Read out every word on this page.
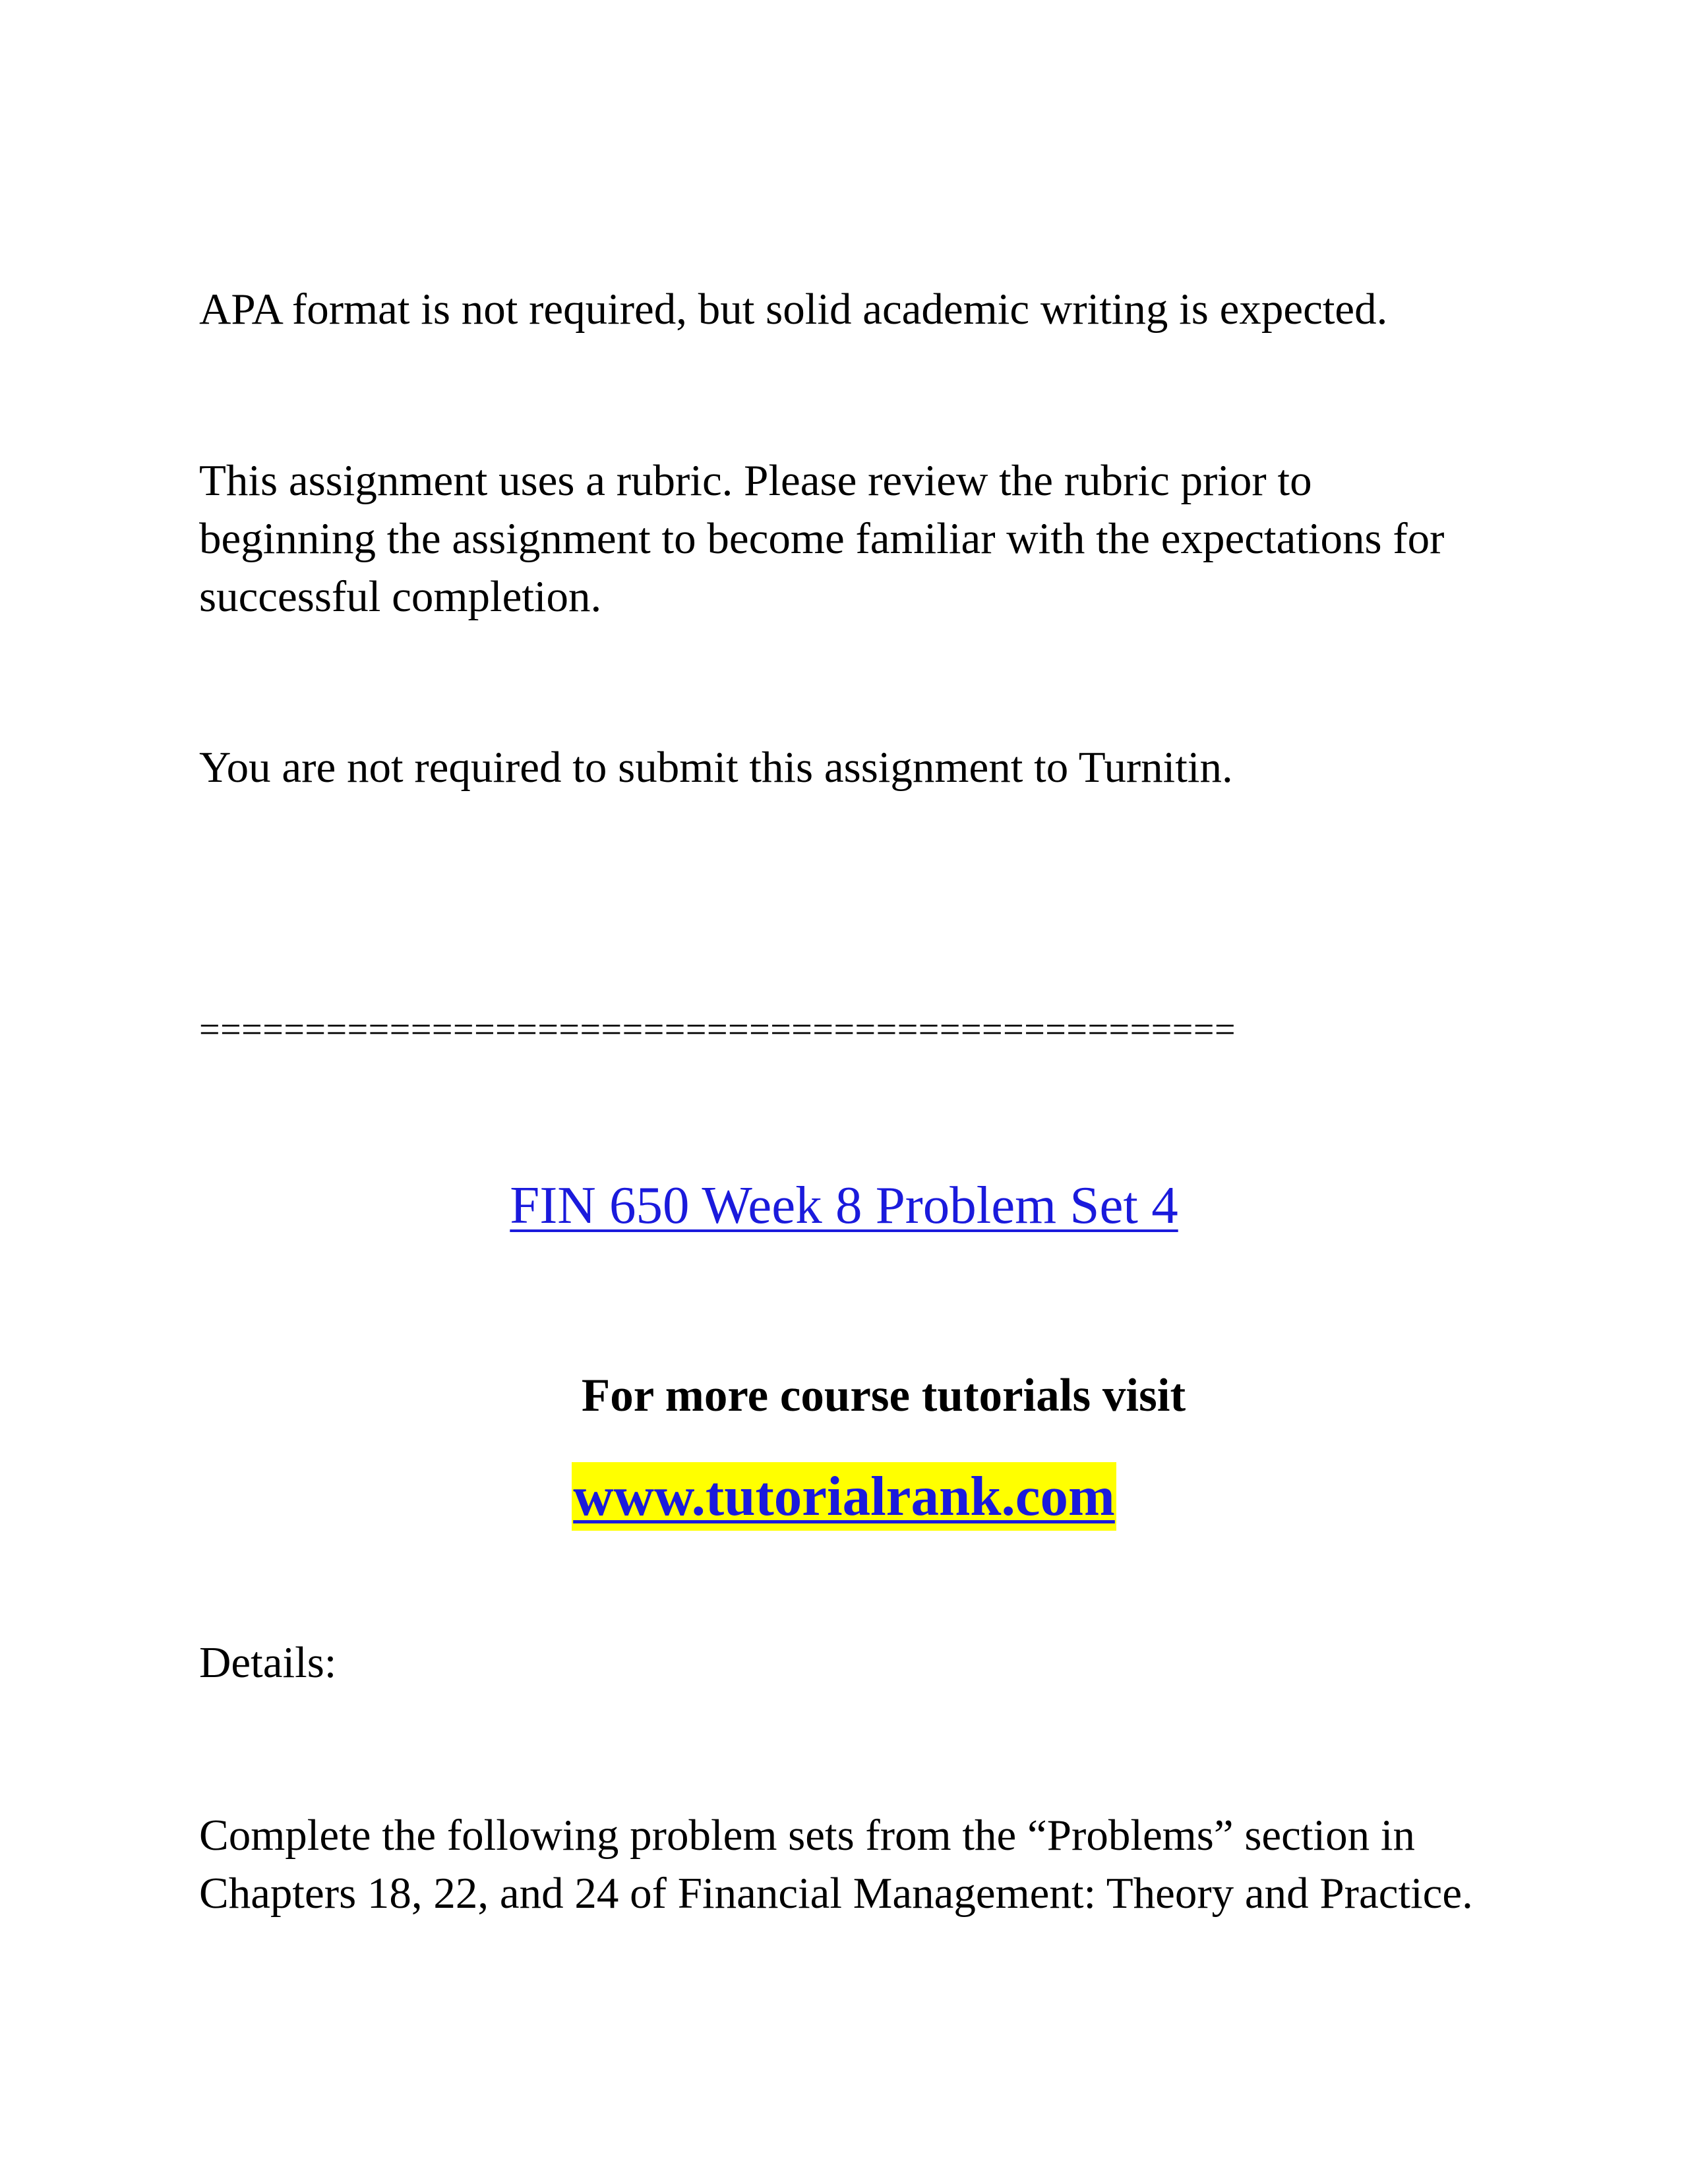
APA format is not required, but solid academic writing is expected.

This assignment uses a rubric. Please review the rubric prior to

beginning the assignment to become familiar with the expectations for

successful completion.

You are not required to submit this assignment to Turnitin.

=================================================

FIN 650 Week 8 Problem Set 4

For more course tutorials visit

www.tutorialrank.com

Details:

Complete the following problem sets from the “Problems” section in

Chapters 18, 22, and 24 of Financial Management: Theory and Practice.
